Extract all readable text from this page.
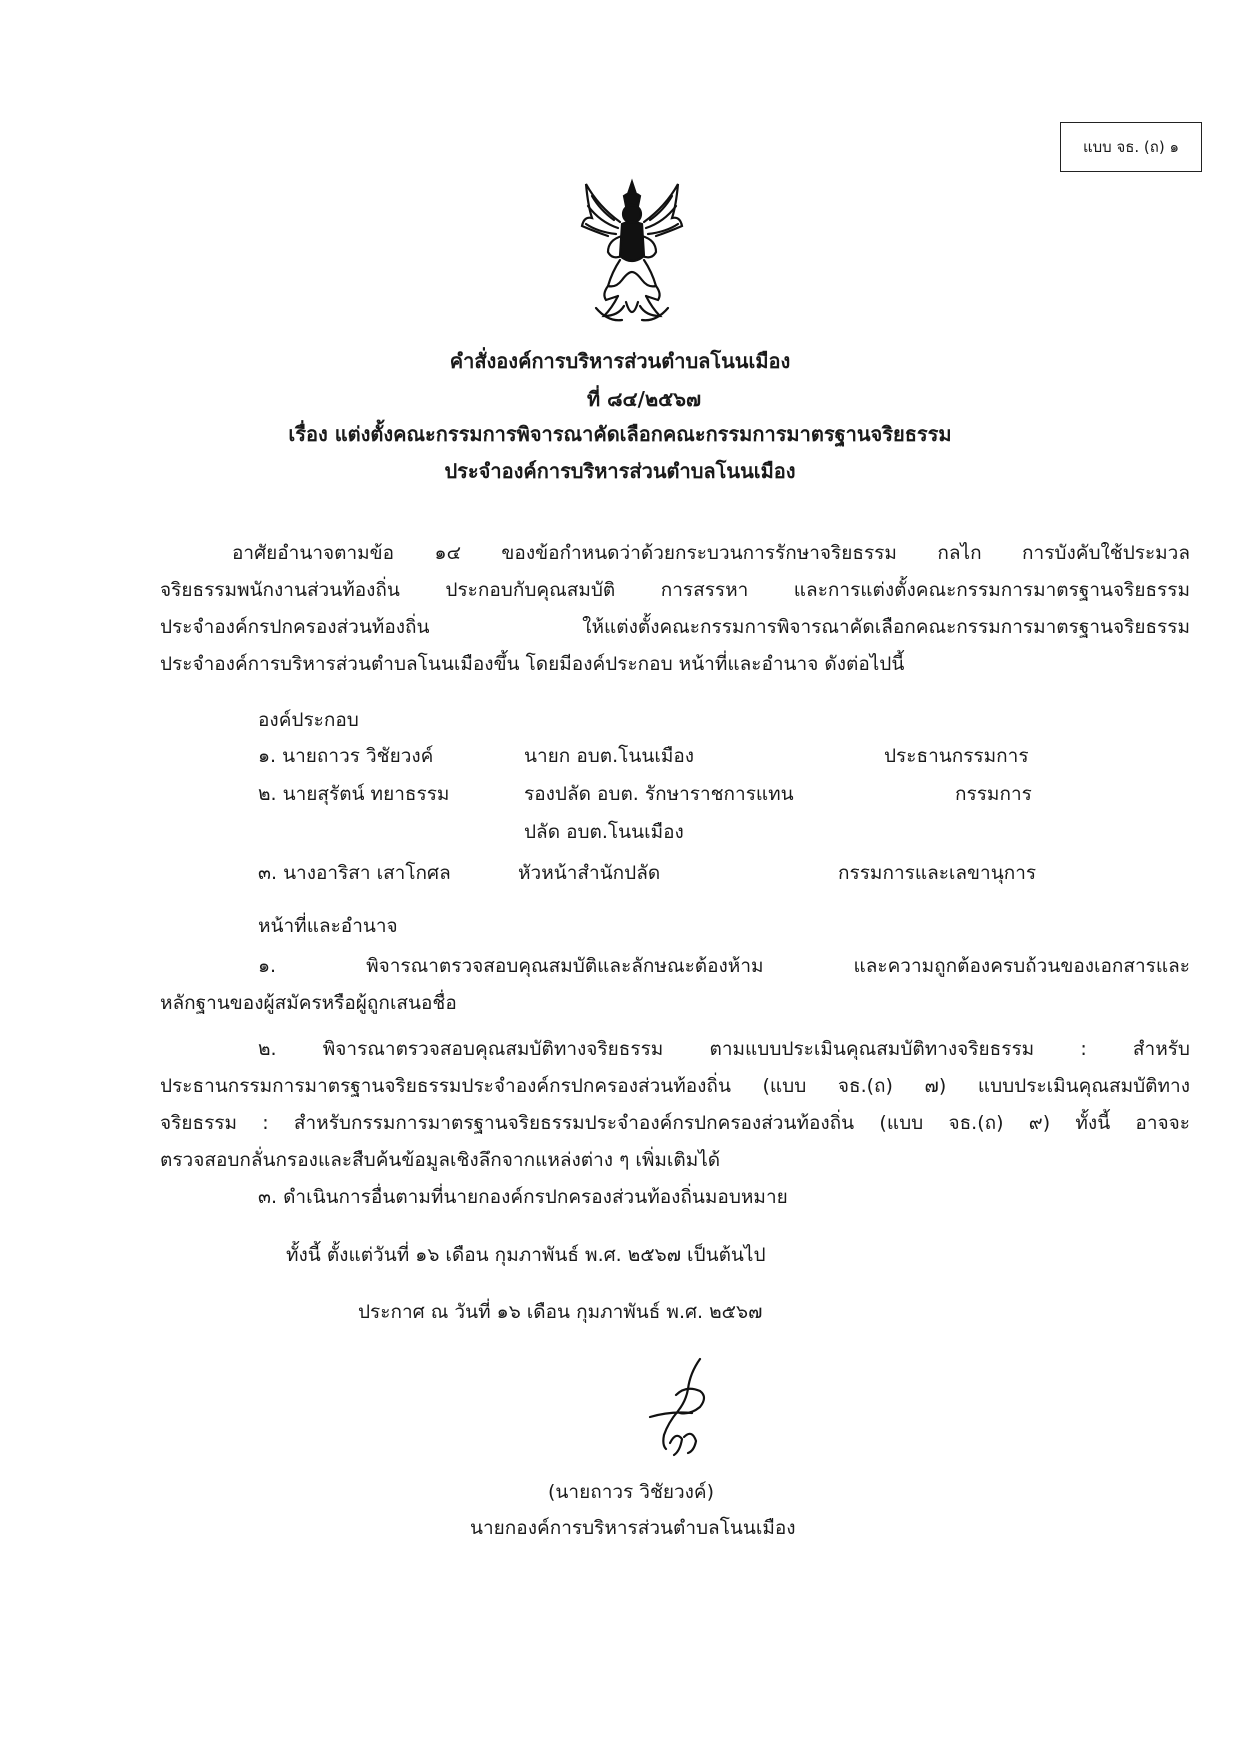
แบบ จธ. (ถ) ๑
คำสั่งองค์การบริหารส่วนตำบลโนนเมือง
ที่ ๘๔/๒๕๖๗
เรื่อง แต่งตั้งคณะกรรมการพิจารณาคัดเลือกคณะกรรมการมาตรฐานจริยธรรม
ประจำองค์การบริหารส่วนตำบลโนนเมือง
อาศัยอำนาจตามข้อ ๑๔ ของข้อกำหนดว่าด้วยกระบวนการรักษาจริยธรรม กลไก การบังคับใช้ประมวล
จริยธรรมพนักงานส่วนท้องถิ่น ประกอบกับคุณสมบัติ การสรรหา และการแต่งตั้งคณะกรรมการมาตรฐานจริยธรรม
ประจำองค์กรปกครองส่วนท้องถิ่น ให้แต่งตั้งคณะกรรมการพิจารณาคัดเลือกคณะกรรมการมาตรฐานจริยธรรม
ประจำองค์การบริหารส่วนตำบลโนนเมืองขึ้น โดยมีองค์ประกอบ หน้าที่และอำนาจ ดังต่อไปนี้
องค์ประกอบ
๑. นายถาวร วิชัยวงค์	นายก อบต.โนนเมือง	ประธานกรรมการ
๒. นายสุรัตน์ ทยาธรรม	รองปลัด อบต. รักษาราชการแทน	กรรมการ
ปลัด อบต.โนนเมือง
๓. นางอาริสา เสาโกศล	หัวหน้าสำนักปลัด	กรรมการและเลขานุการ
หน้าที่และอำนาจ
๑. พิจารณาตรวจสอบคุณสมบัติและลักษณะต้องห้าม และความถูกต้องครบถ้วนของเอกสารและ
หลักฐานของผู้สมัครหรือผู้ถูกเสนอชื่อ
๒. พิจารณาตรวจสอบคุณสมบัติทางจริยธรรม ตามแบบประเมินคุณสมบัติทางจริยธรรม : สำหรับ
ประธานกรรมการมาตรฐานจริยธรรมประจำองค์กรปกครองส่วนท้องถิ่น (แบบ จธ.(ถ) ๗) แบบประเมินคุณสมบัติทาง
จริยธรรม : สำหรับกรรมการมาตรฐานจริยธรรมประจำองค์กรปกครองส่วนท้องถิ่น (แบบ จธ.(ถ) ๙) ทั้งนี้ อาจจะ
ตรวจสอบกลั่นกรองและสืบค้นข้อมูลเชิงลึกจากแหล่งต่าง ๆ เพิ่มเติมได้
๓. ดำเนินการอื่นตามที่นายกองค์กรปกครองส่วนท้องถิ่นมอบหมาย
ทั้งนี้ ตั้งแต่วันที่ ๑๖ เดือน กุมภาพันธ์ พ.ศ. ๒๕๖๗ เป็นต้นไป
ประกาศ ณ วันที่ ๑๖ เดือน กุมภาพันธ์ พ.ศ. ๒๕๖๗
(นายถาวร วิชัยวงค์)
นายกองค์การบริหารส่วนตำบลโนนเมือง
